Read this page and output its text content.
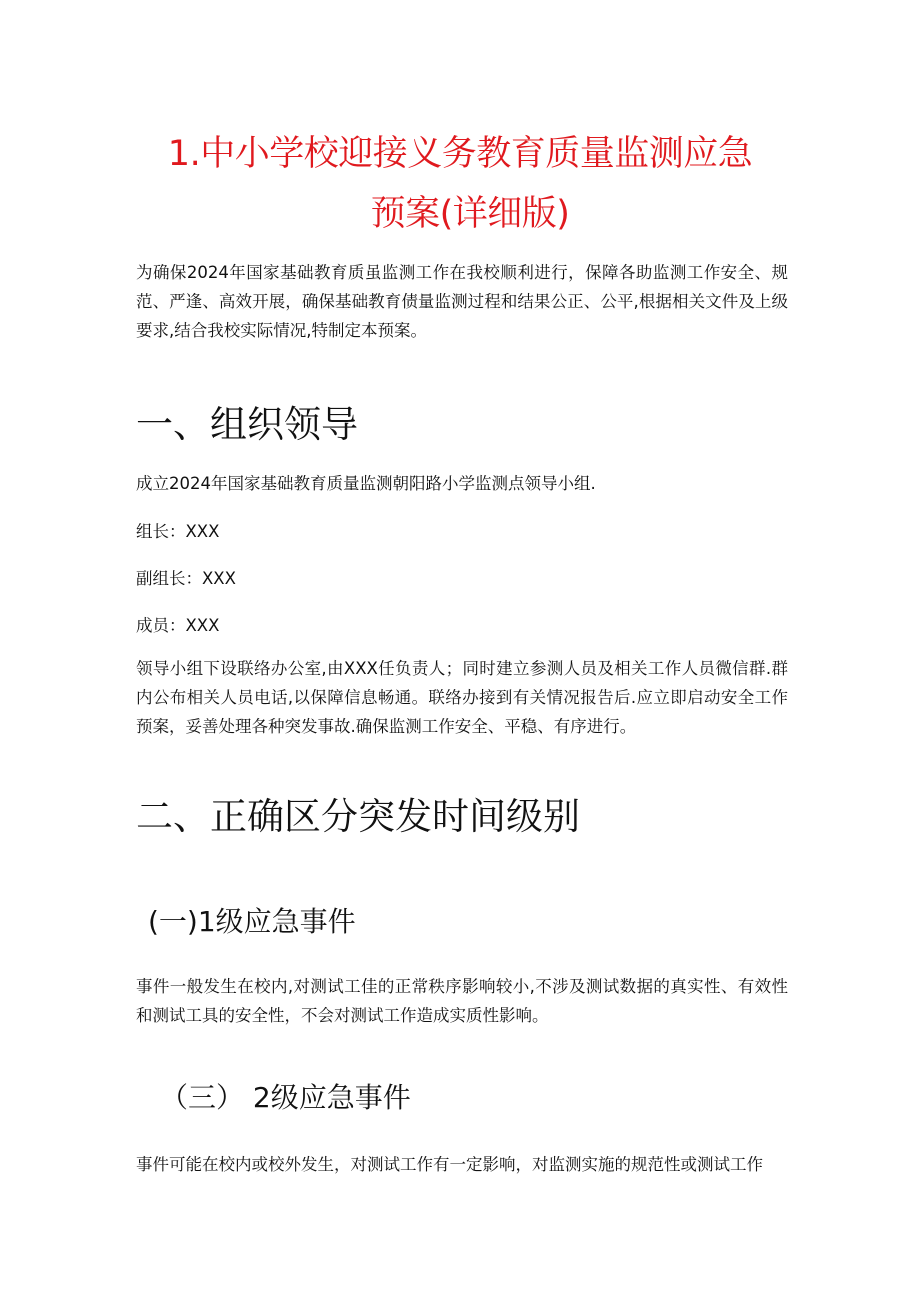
1.中小学校迎接义务教育质量监测应急
预案(详细版)
为确保2024年国家基础教育质虽监测工作在我校顺利进行，保障各助监测工作安全、规范、严逢、高效开展，确保基础教育债量监测过程和结果公正、公平,根据相关文件及上级要求,结合我校实际情况,特制定本预案。
一、组织领导
成立2024年国家基础教育质量监测朝阳路小学监测点领导小组.
组长：XXX
副组长：XXX
成员：XXX
领导小组下设联络办公室,由XXX任负责人；同时建立参测人员及相关工作人员微信群.群内公布相关人员电话,以保障信息畅通。联络办接到有关情况报告后.应立即启动安全工作预案，妥善处理各种突发事故.确保监测工作安全、平稳、有序进行。
二、正确区分突发时间级别
(一)1级应急事件
事件一般发生在校内,对测试工佳的正常秩序影响较小,不涉及测试数据的真实性、有效性和测试工具的安全性，不会对测试工作造成实质性影响。
（三） 2级应急事件
事件可能在校内或校外发生，对测试工作有一定影响，对监测实施的规范性或测试工作
